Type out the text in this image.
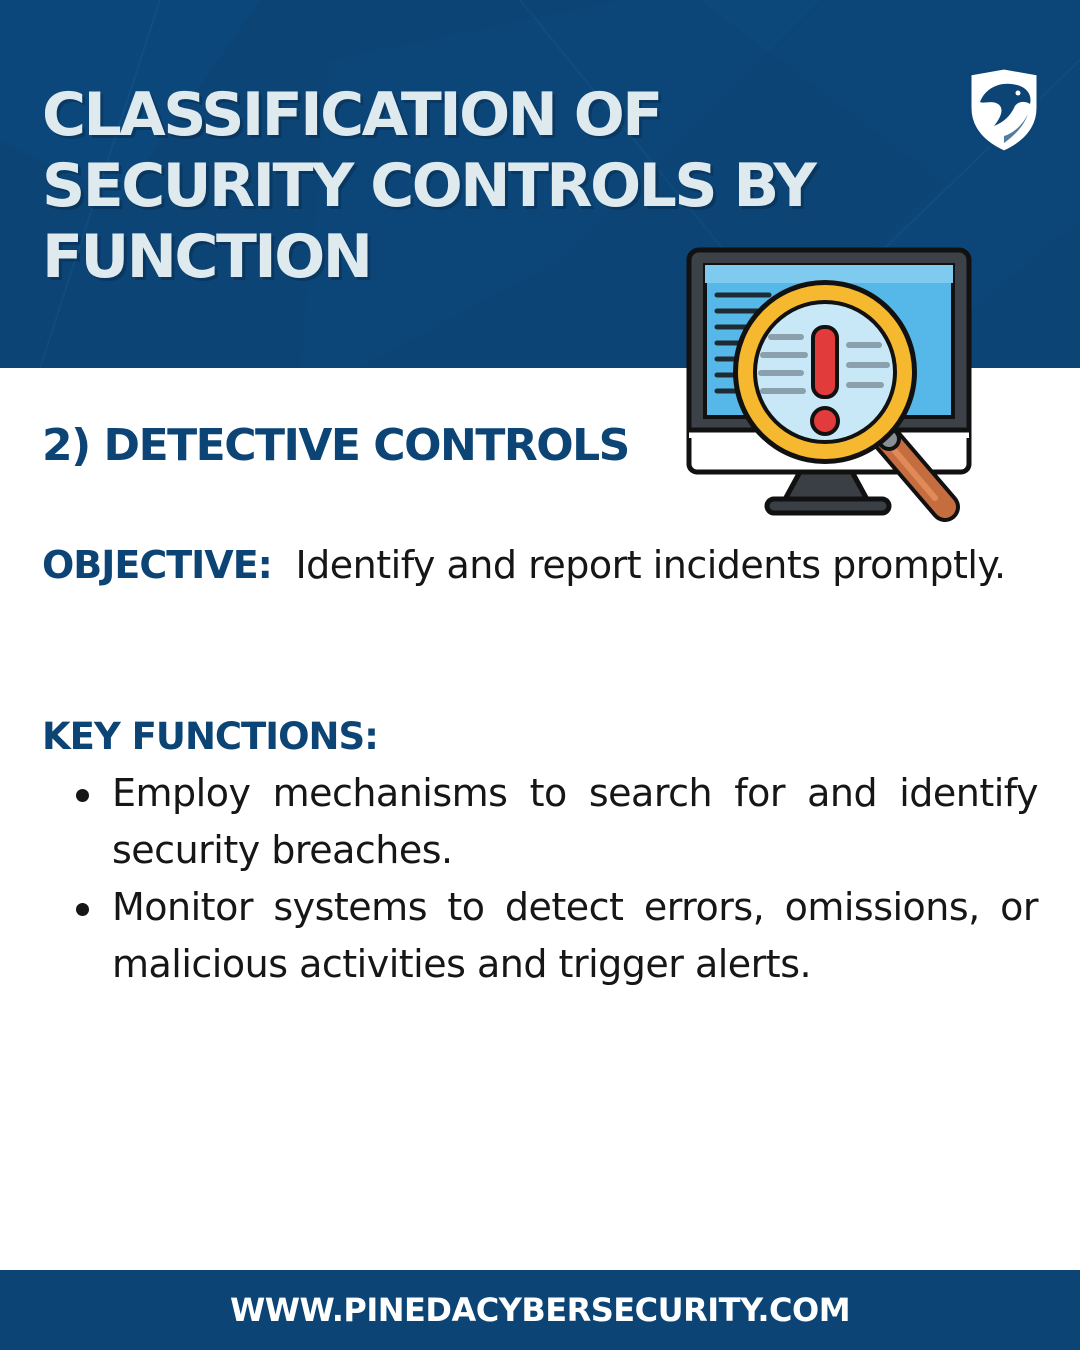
CLASSIFICATION OF SECURITY CONTROLS BY FUNCTION
2) DETECTIVE CONTROLS

OBJECTIVE: Identify and report incidents promptly.

KEY FUNCTIONS:
Employ mechanisms to search for and identify security breaches.
Monitor systems to detect errors, omissions, or malicious activities and trigger alerts.
WWW.PINEDACYBERSECURITY.COM
